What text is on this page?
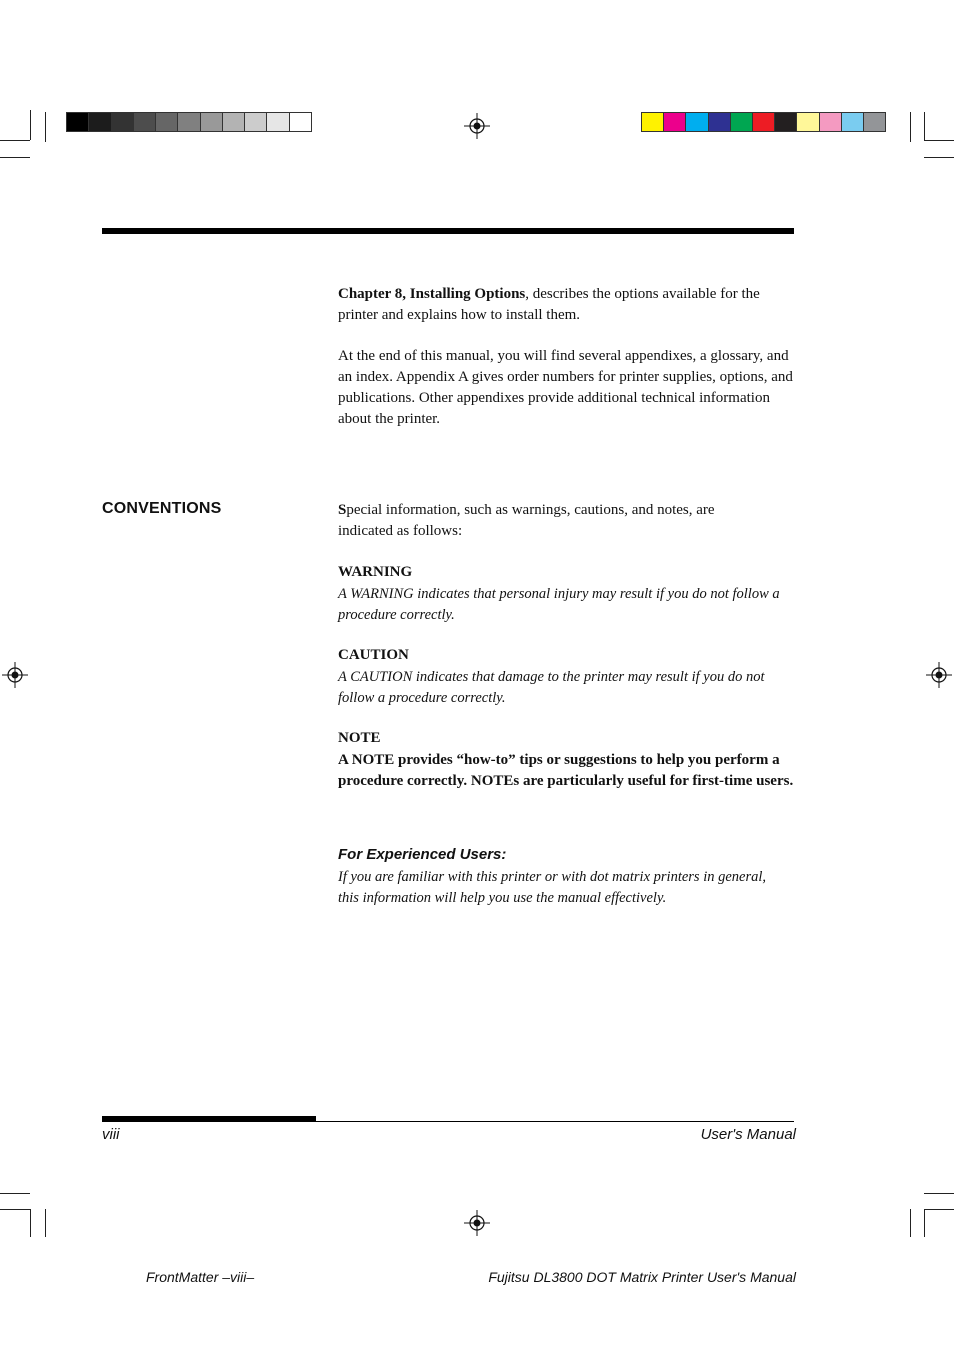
Chapter 8, Installing Options, describes the options available for the printer and explains how to install them.
At the end of this manual, you will find several appendixes, a glossary, and an index. Appendix A gives order numbers for printer supplies, options, and publications. Other appendixes provide additional technical information about the printer.
CONVENTIONS	Special information, such as warnings, cautions, and notes, are indicated as follows:
WARNING
A WARNING indicates that personal injury may result if you do not follow a procedure correctly.
CAUTION
A CAUTION indicates that damage to the printer may result if you do not follow a procedure correctly.
NOTE
A NOTE provides “how-to” tips or suggestions to help you perform a procedure correctly. NOTEs are particularly useful for first-time users.
For Experienced Users:
If you are familiar with this printer or with dot matrix printers in general, this information will help you use the manual effectively.
viii	User's Manual
FrontMatter –viii–	Fujitsu DL3800 DOT Matrix Printer User's Manual
